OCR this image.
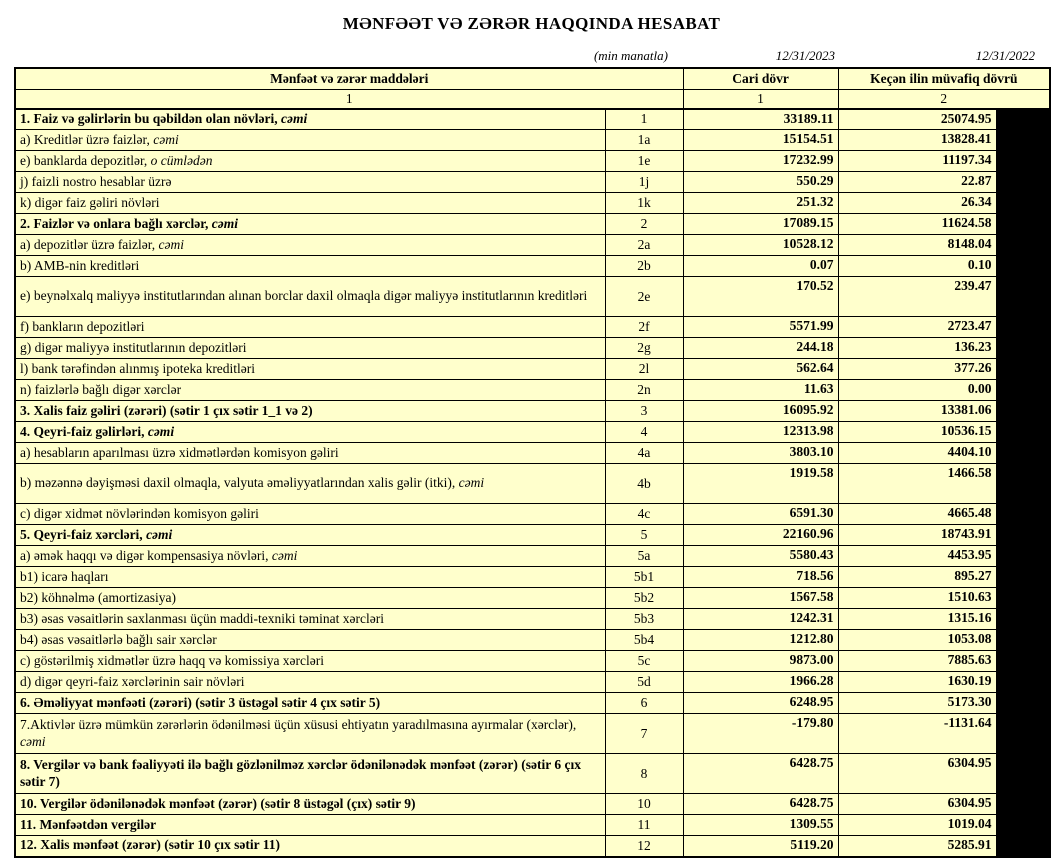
MƏNFƏƏT VƏ ZƏRƏR HAQQINDA HESABAT
(min manatla)	12/31/2023	12/31/2022
Mənfəət və zərər maddələri		Cari dövr	Keçən ilin müvafiq dövrü	
1		1	2	
1. Faiz və gəlirlərin bu qəbildən olan növləri, cəmi	1	33189.11	25074.95	
a) Kreditlər üzrə faizlər, cəmi	1a	15154.51	13828.41	
e) banklarda depozitlər, o cümlədən	1e	17232.99	11197.34	
j) faizli nostro hesablar üzrə	1j	550.29	22.87	
k) digər faiz gəliri növləri	1k	251.32	26.34	
2. Faizlər və onlara bağlı xərclər, cəmi	2	17089.15	11624.58	
a) depozitlər üzrə faizlər, cəmi	2a	10528.12	8148.04	
b) AMB-nin kreditləri	2b	0.07	0.10	
e) beynəlxalq maliyyə institutlarından alınan borclar daxil olmaqla digər maliyyə institutlarının kreditləri	2e	170.52	239.47	
f) bankların depozitləri	2f	5571.99	2723.47	
g) digər maliyyə institutlarının depozitləri	2g	244.18	136.23	
l) bank tərəfindən alınmış ipoteka kreditləri	2l	562.64	377.26	
n) faizlərlə bağlı digər xərclər	2n	11.63	0.00	
3. Xalis faiz gəliri (zərəri) (sətir 1 çıx sətir 1_1 və 2)	3	16095.92	13381.06	
4. Qeyri-faiz gəlirləri, cəmi	4	12313.98	10536.15	
a) hesabların aparılması üzrə xidmətlərdən komisyon gəliri	4a	3803.10	4404.10	
b) məzənnə dəyişməsi daxil olmaqla, valyuta əməliyyatlarından xalis gəlir (itki), cəmi	4b	1919.58	1466.58	
c) digər xidmət növlərindən komisyon gəliri	4c	6591.30	4665.48	
5. Qeyri-faiz xərcləri, cəmi	5	22160.96	18743.91	
a) əmək haqqı və digər kompensasiya növləri, cəmi	5a	5580.43	4453.95	
b1) icarə haqları	5b1	718.56	895.27	
b2) köhnəlmə (amortizasiya)	5b2	1567.58	1510.63	
b3) əsas vəsaitlərin saxlanması üçün maddi-texniki təminat xərcləri	5b3	1242.31	1315.16	
b4) əsas vəsaitlərlə bağlı sair xərclər	5b4	1212.80	1053.08	
c) göstərilmiş xidmətlər üzrə haqq və komissiya xərcləri	5c	9873.00	7885.63	
d) digər qeyri-faiz xərclərinin sair növləri	5d	1966.28	1630.19	
6. Əməliyyat mənfəəti (zərəri) (sətir 3 üstəgəl sətir 4 çıx sətir 5)	6	6248.95	5173.30	
7.Aktivlər üzrə mümkün zərərlərin ödənilməsi üçün xüsusi ehtiyatın yaradılmasına ayırmalar (xərclər), cəmi	7	-179.80	-1131.64	
8. Vergilər və bank fəaliyyəti ilə bağlı gözlənilməz xərclər ödənilənədək mənfəət (zərər) (sətir 6 çıx sətir 7)	8	6428.75	6304.95	
10. Vergilər ödənilənədək mənfəət (zərər) (sətir 8 üstəgəl (çıx) sətir 9)	10	6428.75	6304.95	
11. Mənfəətdən vergilər	11	1309.55	1019.04	
12. Xalis mənfəət (zərər) (sətir 10 çıx sətir 11)	12	5119.20	5285.91	
